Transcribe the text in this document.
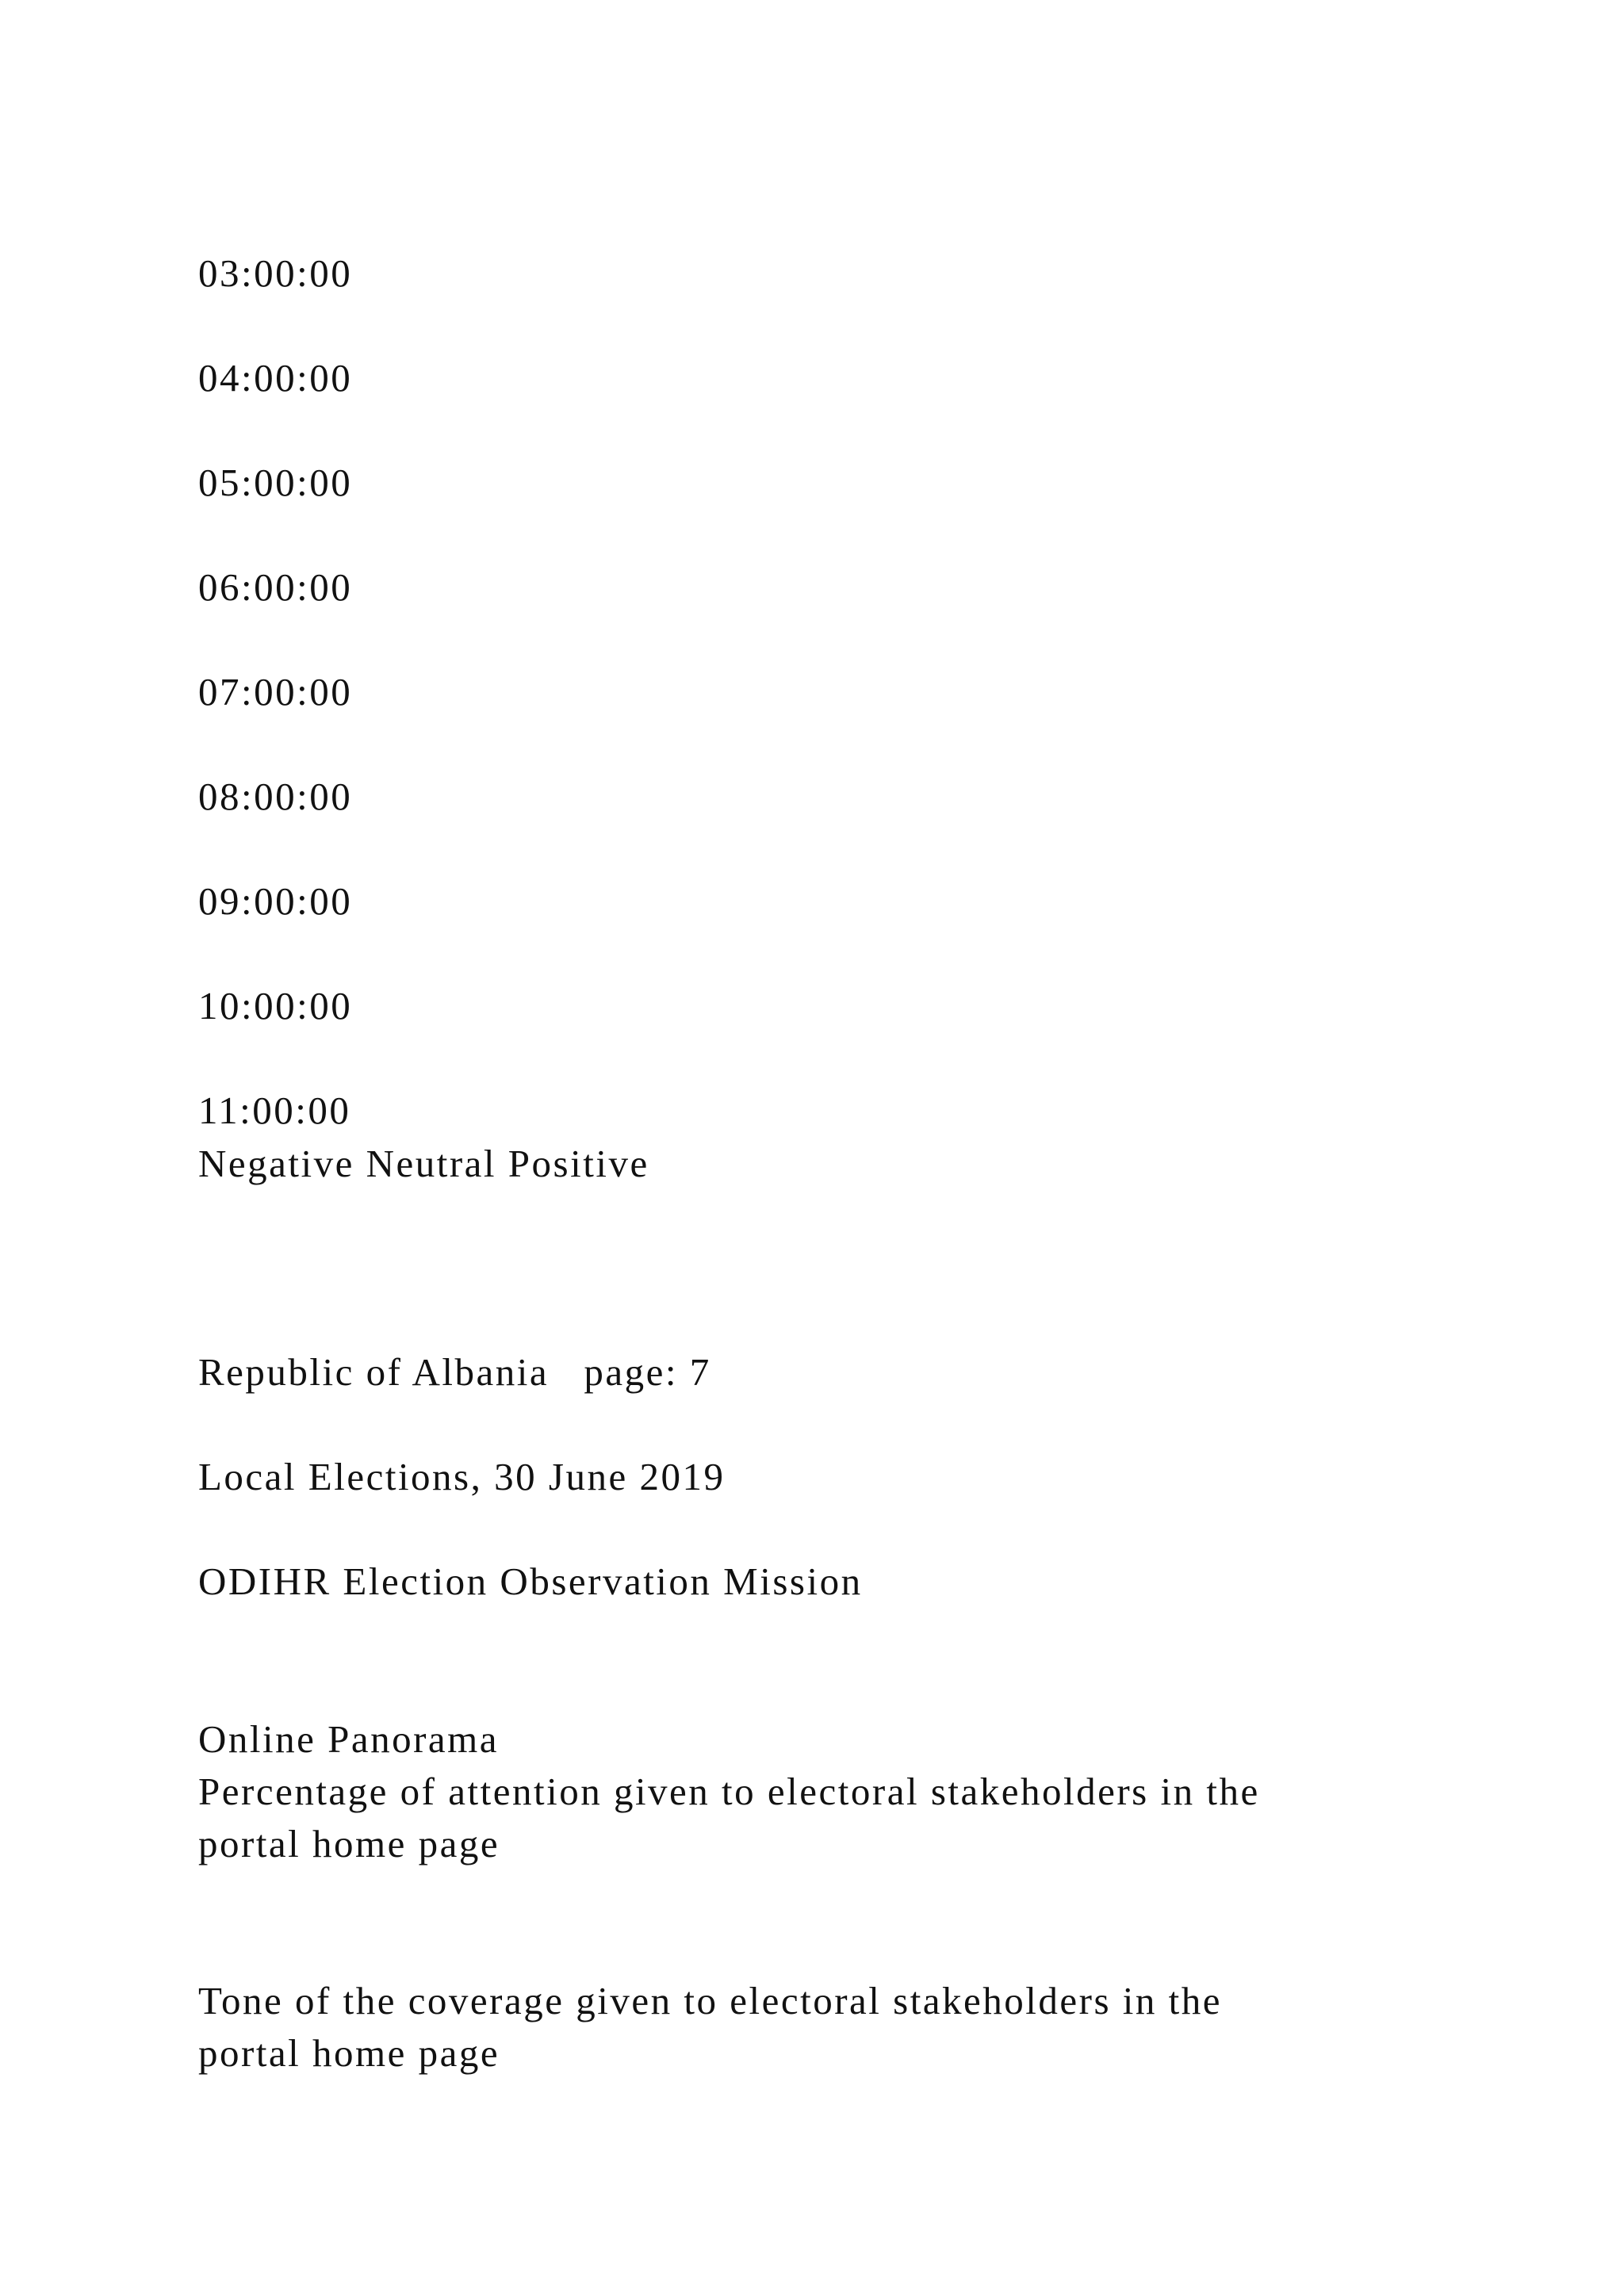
03:00:00

04:00:00

05:00:00

06:00:00

07:00:00

08:00:00

09:00:00

10:00:00

11:00:00

Negative Neutral Positive

Republic of Albania   page: 7

Local Elections, 30 June 2019

ODIHR Election Observation Mission

Online Panorama

Percentage of attention given to electoral stakeholders in the

portal home page

Tone of the coverage given to electoral stakeholders in the

portal home page
